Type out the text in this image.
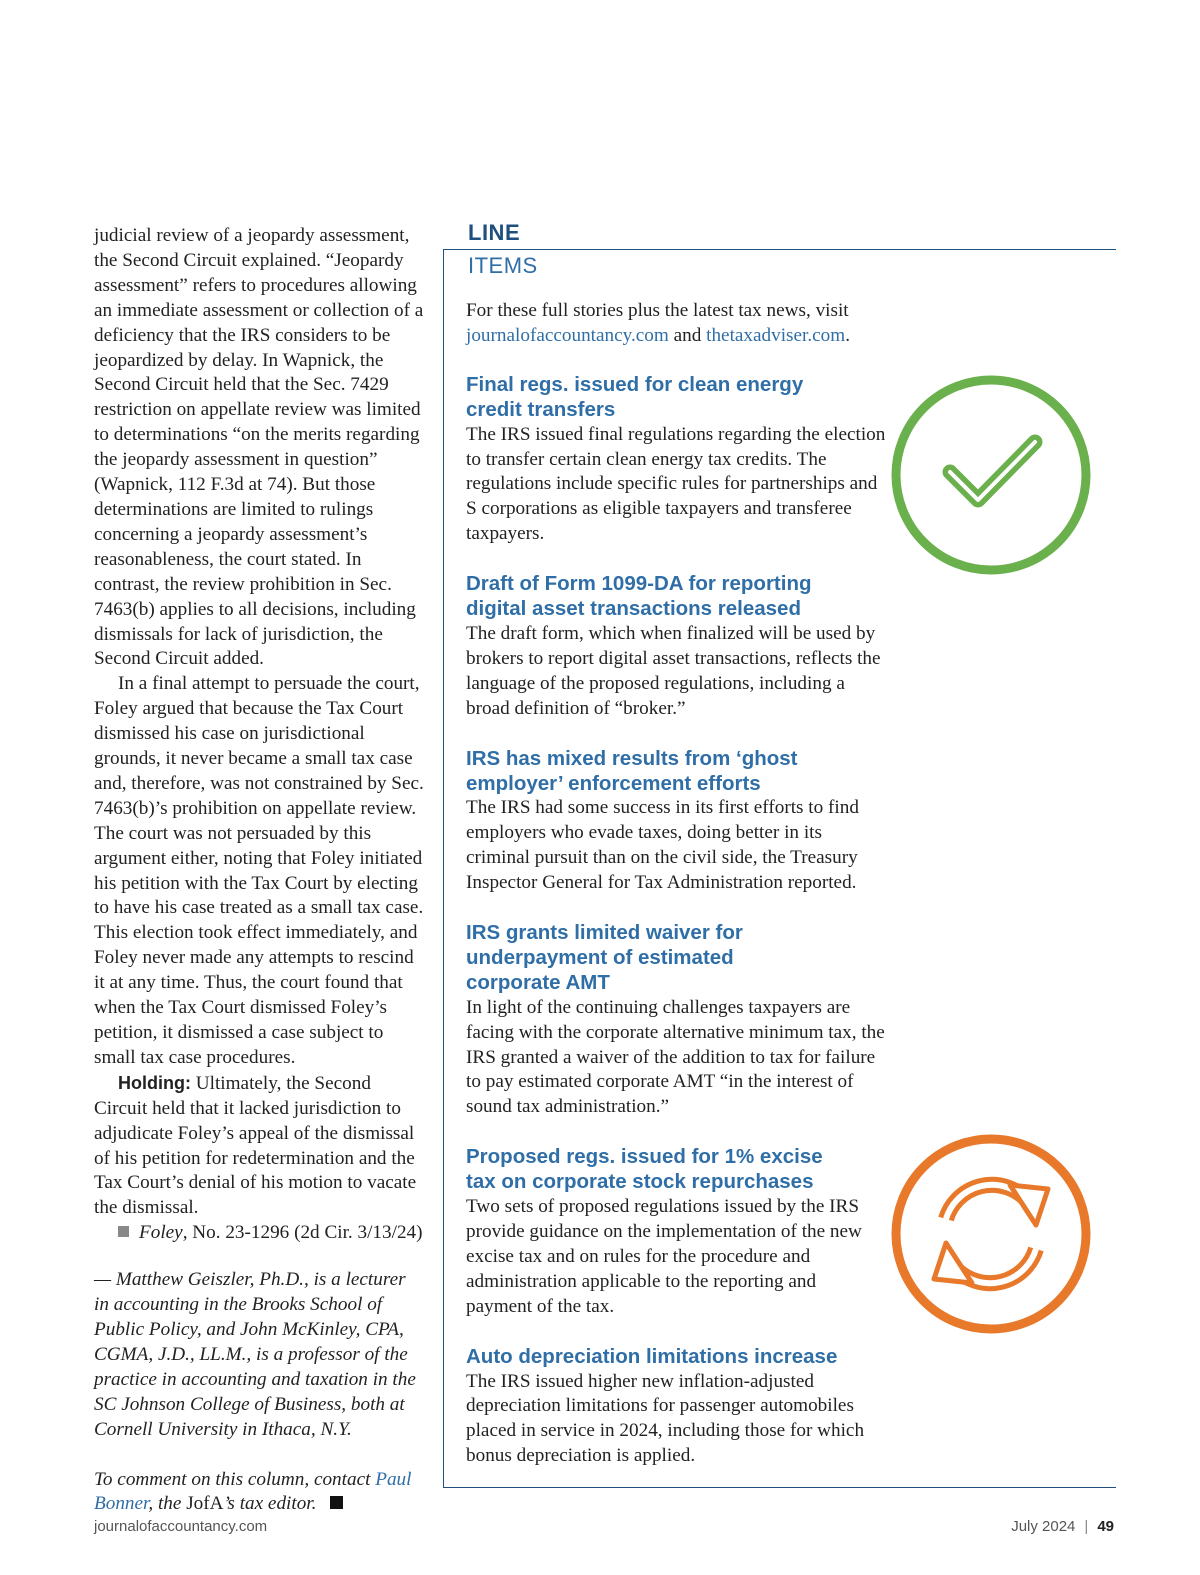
judicial review of a jeopardy assessment, the Second Circuit explained. “Jeopardy assessment” refers to procedures allowing an immediate assessment or collection of a deficiency that the IRS considers to be jeopardized by delay. In Wapnick, the Second Circuit held that the Sec. 7429 restriction on appellate review was limited to determinations “on the merits regarding the jeopardy assessment in question” (Wapnick, 112 F.3d at 74). But those determinations are limited to rulings concerning a jeopardy assessment’s reasonableness, the court stated. In contrast, the review prohibition in Sec. 7463(b) applies to all decisions, including dismissals for lack of jurisdiction, the Second Circuit added.

In a final attempt to persuade the court, Foley argued that because the Tax Court dismissed his case on jurisdictional grounds, it never became a small tax case and, therefore, was not constrained by Sec. 7463(b)’s prohibition on appellate review. The court was not persuaded by this argument either, noting that Foley initiated his petition with the Tax Court by electing to have his case treated as a small tax case. This election took effect immediately, and Foley never made any attempts to rescind it at any time. Thus, the court found that when the Tax Court dismissed Foley’s petition, it dismissed a case subject to small tax case procedures.

Holding: Ultimately, the Second Circuit held that it lacked jurisdiction to adjudicate Foley’s appeal of the dismissal of his petition for redetermination and the Tax Court’s denial of his motion to vacate the dismissal.

Foley, No. 23-1296 (2d Cir. 3/13/24)

— Matthew Geiszler, Ph.D., is a lecturer in accounting in the Brooks School of Public Policy, and John McKinley, CPA, CGMA, J.D., LL.M., is a professor of the practice in accounting and taxation in the SC Johnson College of Business, both at Cornell University in Ithaca, N.Y.

To comment on this column, contact Paul Bonner, the JofA’s tax editor.

LINE
ITEMS

For these full stories plus the latest tax news, visit journalofaccountancy.com and thetaxadviser.com.

Final regs. issued for clean energy credit transfers

The IRS issued final regulations regarding the election to transfer certain clean energy tax credits. The regulations include specific rules for partnerships and S corporations as eligible taxpayers and transferee taxpayers.

Draft of Form 1099-DA for reporting digital asset transactions released

The draft form, which when finalized will be used by brokers to report digital asset transactions, reflects the language of the proposed regulations, including a broad definition of “broker.”

IRS has mixed results from ‘ghost employer’ enforcement efforts

The IRS had some success in its first efforts to find employers who evade taxes, doing better in its criminal pursuit than on the civil side, the Treasury Inspector General for Tax Administration reported.

IRS grants limited waiver for underpayment of estimated corporate AMT

In light of the continuing challenges taxpayers are facing with the corporate alternative minimum tax, the IRS granted a waiver of the addition to tax for failure to pay estimated corporate AMT “in the interest of sound tax administration.”

Proposed regs. issued for 1% excise tax on corporate stock repurchases

Two sets of proposed regulations issued by the IRS provide guidance on the implementation of the new excise tax and on rules for the procedure and administration applicable to the reporting and payment of the tax.

Auto depreciation limitations increase

The IRS issued higher new inflation-adjusted depreciation limitations for passenger automobiles placed in service in 2024, including those for which bonus depreciation is applied.

journalofaccountancy.com	July 2024 | 49
